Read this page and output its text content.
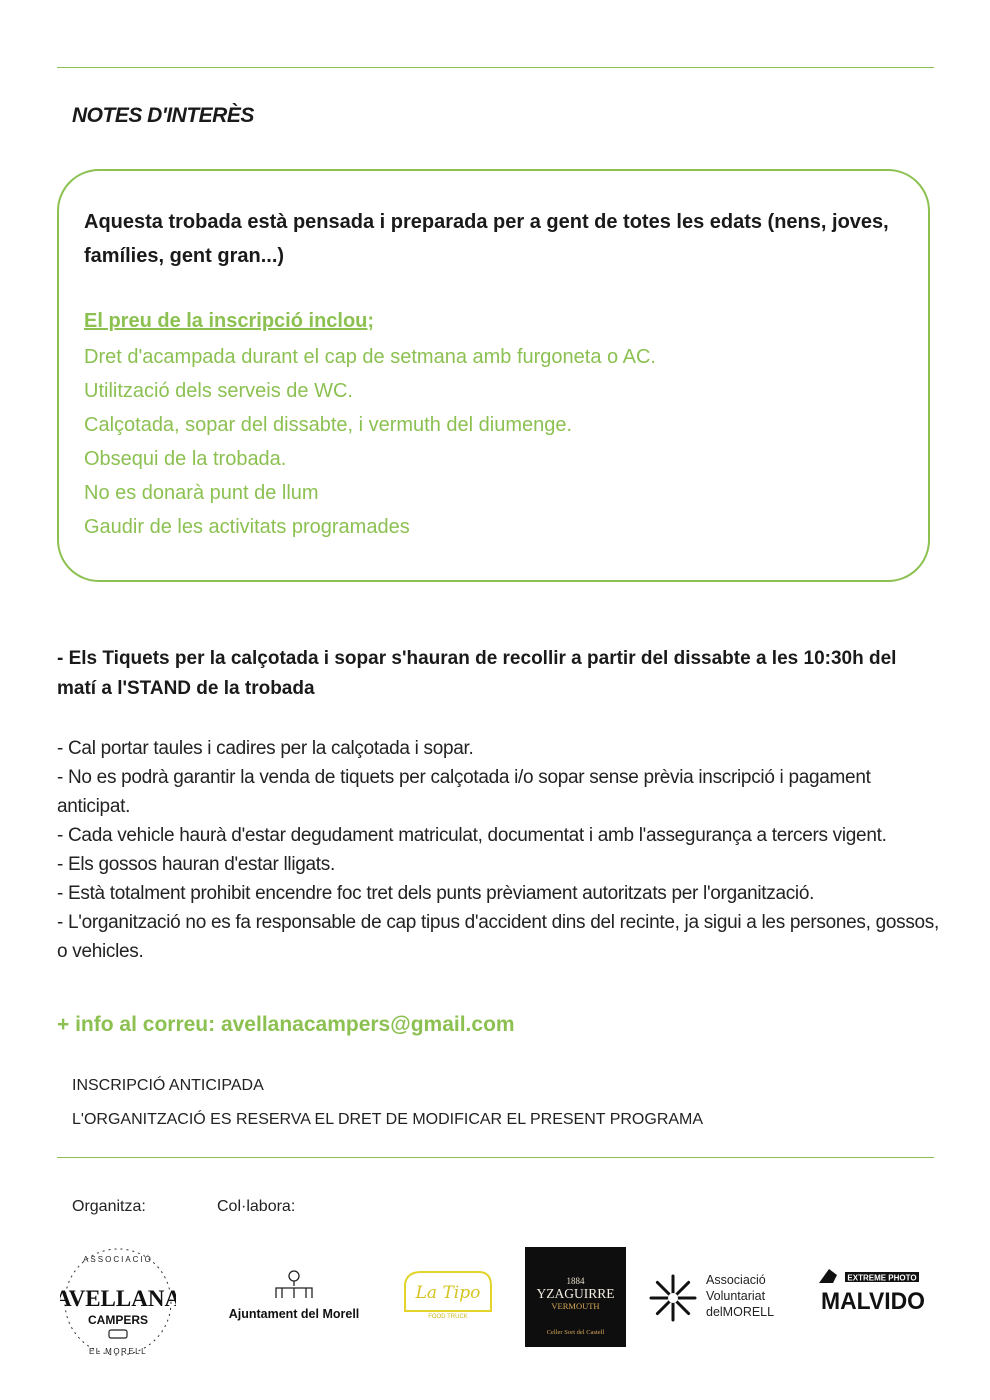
NOTES D'INTERÈS
Aquesta trobada està pensada i preparada per a gent de totes les edats (nens, joves, famílies, gent gran...)
El preu de la inscripció inclou;
Dret d'acampada durant el cap de setmana amb furgoneta o AC.
Utilització dels serveis de WC.
Calçotada, sopar del dissabte, i vermuth del diumenge.
Obsequi de la trobada.
No es donarà punt de llum
Gaudir de les activitats programades
- Els Tiquets per la calçotada i sopar s'hauran de recollir a partir del dissabte a les 10:30h del matí a l'STAND de la trobada
- Cal portar taules i cadires per la calçotada i sopar.
- No es podrà garantir la venda de tiquets per calçotada i/o sopar sense prèvia inscripció i pagament anticipat.
- Cada vehicle haurà d'estar degudament matriculat, documentat i amb l'assegurança a tercers vigent.
- Els gossos hauran d'estar lligats.
- Està totalment prohibit encendre foc tret dels punts prèviament autoritzats per l'organització.
- L'organització no es fa responsable de cap tipus d'accident dins del recinte, ja sigui a les persones, gossos, o vehicles.
+ info al correu: avellanacampers@gmail.com
INSCRIPCIÓ ANTICIPADA
L'ORGANITZACIÓ ES RESERVA EL DRET DE MODIFICAR EL PRESENT PROGRAMA
Organitza:	Col·labora:
ASSOCIACIÓ
AVELLANA
CAMPERS
EL MORELL
Ajuntament del Morell
La Tipo
FOOD TRUCK
1884
YZAGUIRRE
VERMOUTH
Celler Sort del Castell
Associació
Voluntariat
delMORELL
EXTREME PHOTO
MALVIDO
